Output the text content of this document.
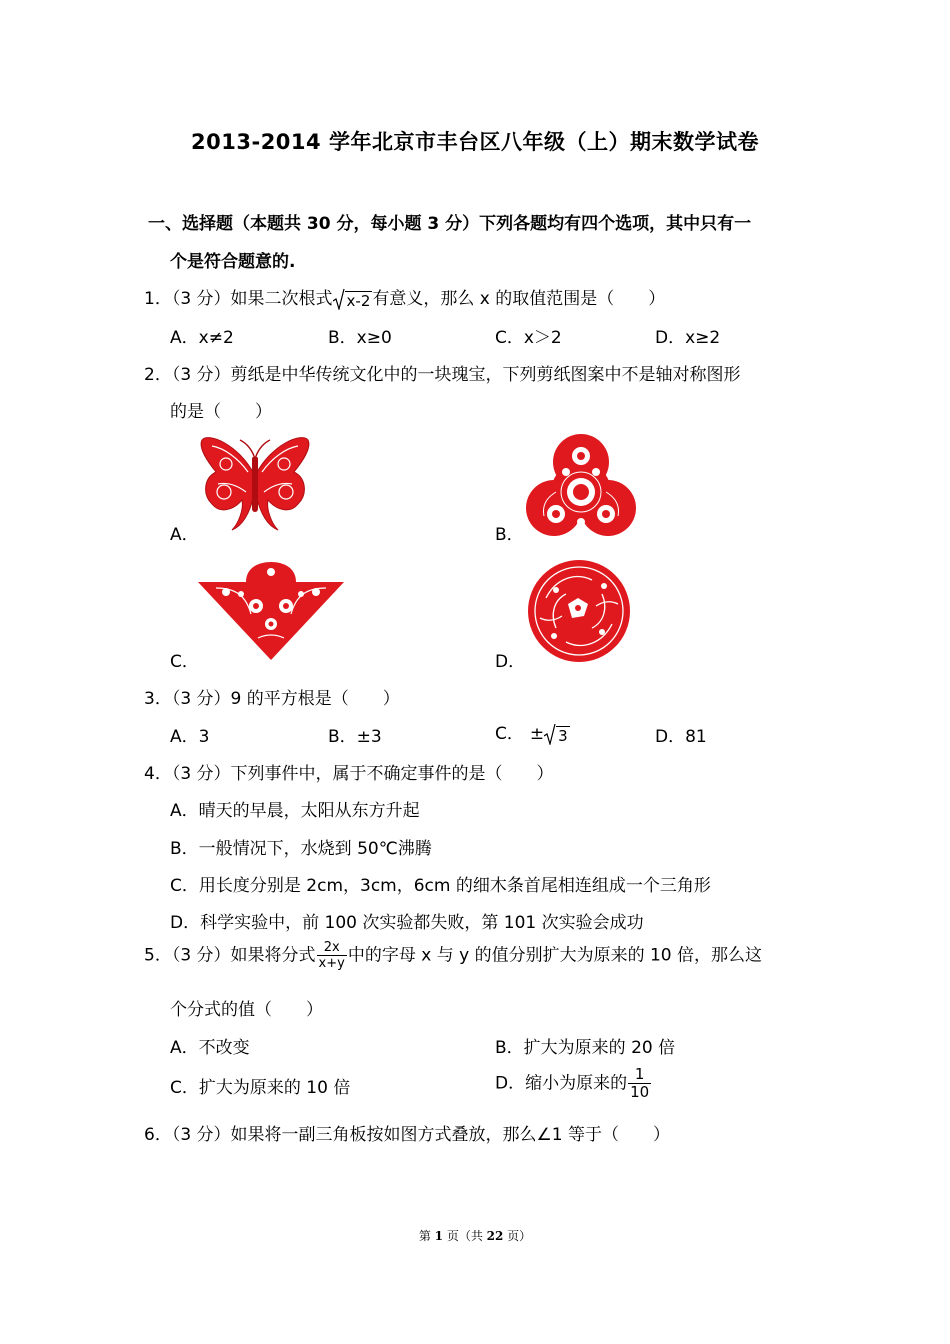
2013-2014 学年北京市丰台区八年级（上）期末数学试卷
一、选择题（本题共 30 分，每小题 3 分）下列各题均有四个选项，其中只有一
个是符合题意的.
1．（3 分）如果二次根式 x-2 有意义，那么 x 的取值范围是（　　）
A．x≠2	B．x≥0	C．x＞2	D．x≥2
2．（3 分）剪纸是中华传统文化中的一块瑰宝，下列剪纸图案中不是轴对称图形
的是（　　）
A．	B．
C．	D．
3．（3 分）9 的平方根是（　　）
A．3	B．±3	C． ± 3	D．81
4．（3 分）下列事件中，属于不确定事件的是（　　）
A．晴天的早晨，太阳从东方升起
B．一般情况下，水烧到 50℃沸腾
C．用长度分别是 2cm，3cm，6cm 的细木条首尾相连组成一个三角形
D．科学实验中，前 100 次实验都失败，第 101 次实验会成功
5．（3 分）如果将分式 $\frac{2x}{x+y}$ 中的字母 x 与 y 的值分别扩大为原来的 10 倍，那么这
个分式的值（　　）
A．不改变	B．扩大为原来的 20 倍
C．扩大为原来的 10 倍	D．缩小为原来的 $\frac{1}{10}$
6．（3 分）如果将一副三角板按如图方式叠放，那么∠1 等于（　　）
第 1 页（共 22 页）
